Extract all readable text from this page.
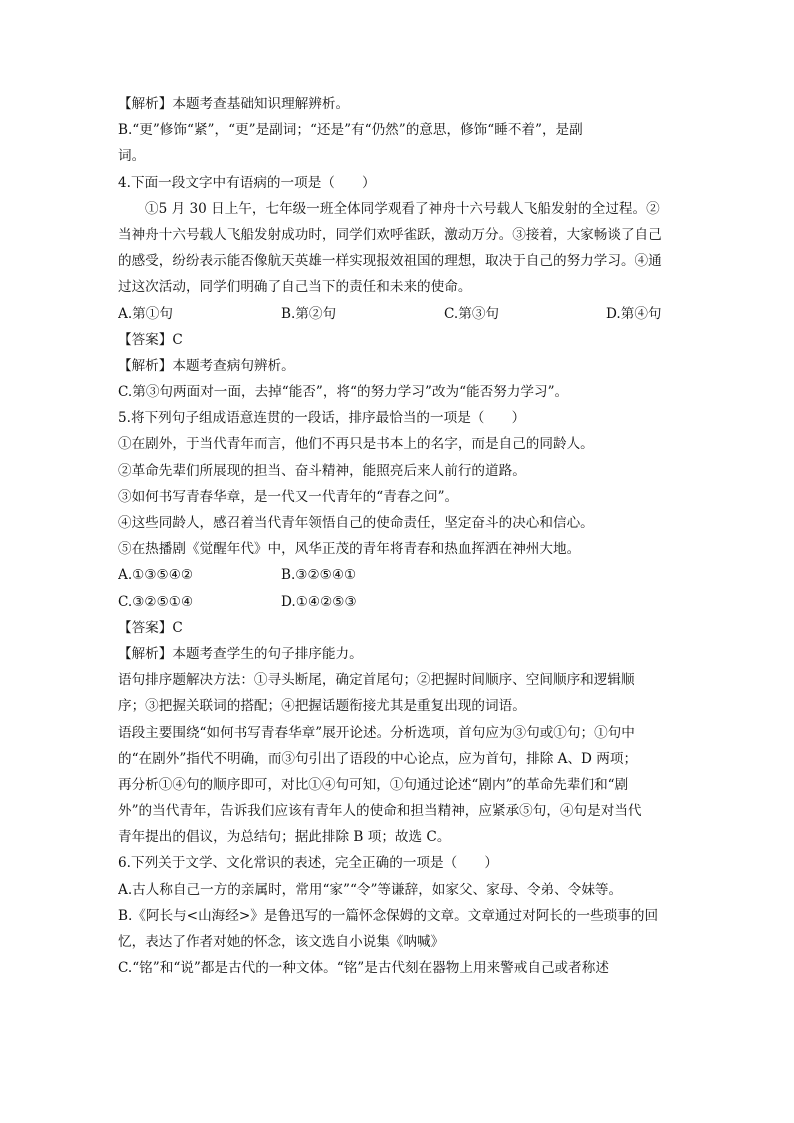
【解析】本题考查基础知识理解辨析。
B.“更”修饰“紧”，“更”是副词；“还是”有“仍然”的意思，修饰“睡不着”，是副
词。
4.下面一段文字中有语病的一项是（　　）
①5 月 30 日上午，七年级一班全体同学观看了神舟十六号载人飞船发射的全过程。②
当神舟十六号载人飞船发射成功时，同学们欢呼雀跃，激动万分。③接着，大家畅谈了自己
的感受，纷纷表示能否像航天英雄一样实现报效祖国的理想，取决于自己的努力学习。④通
过这次活动，同学们明确了自己当下的责任和未来的使命。
A.第①句	B.第②句	C.第③句	D.第④句
【答案】C
【解析】本题考查病句辨析。
C.第③句两面对一面，去掉“能否”，将“的努力学习”改为“能否努力学习”。
5.将下列句子组成语意连贯的一段话，排序最恰当的一项是（　　）
①在剧外，于当代青年而言，他们不再只是书本上的名字，而是自己的同龄人。
②革命先辈们所展现的担当、奋斗精神，能照亮后来人前行的道路。
③如何书写青春华章，是一代又一代青年的“青春之问”。
④这些同龄人，感召着当代青年领悟自己的使命责任，坚定奋斗的决心和信心。
⑤在热播剧《觉醒年代》中，风华正茂的青年将青春和热血挥洒在神州大地。
A.①③⑤④②	B.③②⑤④①
C.③②⑤①④	D.①④②⑤③
【答案】C
【解析】本题考查学生的句子排序能力。
语句排序题解决方法：①寻头断尾，确定首尾句；②把握时间顺序、空间顺序和逻辑顺
序；③把握关联词的搭配；④把握话题衔接尤其是重复出现的词语。
语段主要围绕“如何书写青春华章”展开论述。分析选项，首句应为③句或①句；①句中
的“在剧外”指代不明确，而③句引出了语段的中心论点，应为首句，排除 A、D 两项；
再分析①④句的顺序即可，对比①④句可知，①句通过论述“剧内”的革命先辈们和“剧
外”的当代青年，告诉我们应该有青年人的使命和担当精神，应紧承⑤句，④句是对当代
青年提出的倡议，为总结句；据此排除 B 项；故选 C。
6.下列关于文学、文化常识的表述，完全正确的一项是（　　）
A.古人称自己一方的亲属时，常用“家”“令”等谦辞，如家父、家母、令弟、令妹等。
B.《阿长与<山海经>》是鲁迅写的一篇怀念保姆的文章。文章通过对阿长的一些琐事的回
忆，表达了作者对她的怀念，该文选自小说集《呐喊》
C.“铭”和“说”都是古代的一种文体。“铭”是古代刻在器物上用来警戒自己或者称述
